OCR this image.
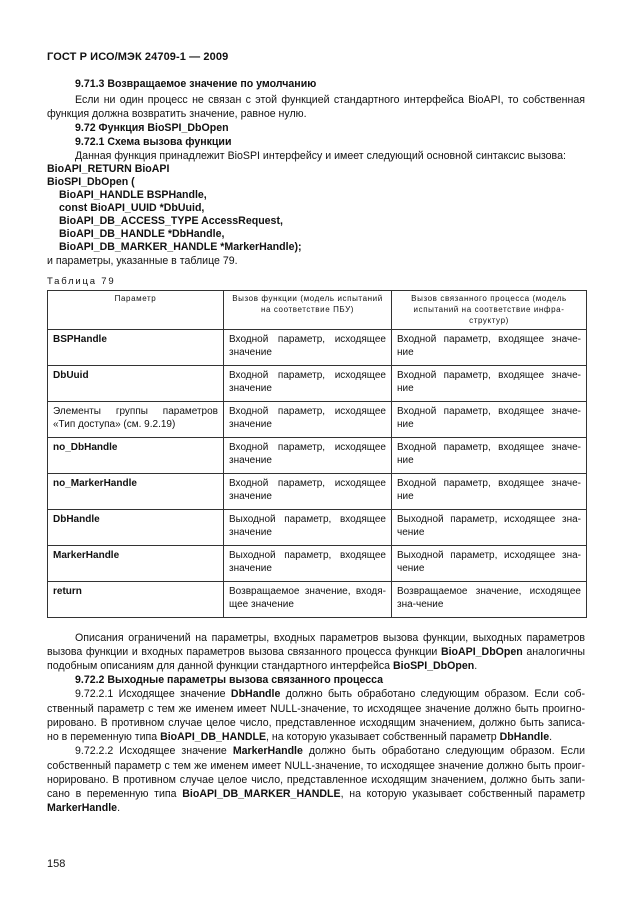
ГОСТ Р ИСО/МЭК 24709-1 — 2009
9.71.3 Возвращаемое значение по умолчанию
Если ни один процесс не связан с этой функцией стандартного интерфейса BioAPI, то собственная
функция должна возвратить значение, равное нулю.
9.72 Функция BioSPI_DbOpen
9.72.1 Схема вызова функции
Данная функция принадлежит BioSPI интерфейсу и имеет следующий основной синтаксис вызова:
BioAPI_RETURN BioAPI
BioSPI_DbOpen (
BioAPI_HANDLE BSPHandle,
const BioAPI_UUID *DbUuid,
BioAPI_DB_ACCESS_TYPE AccessRequest,
BioAPI_DB_HANDLE *DbHandle,
BioAPI_DB_MARKER_HANDLE *MarkerHandle);
и параметры, указанные в таблице 79.
Таблица 79
Параметр	Вызов функции (модель испытаний на соответствие ПБУ)	Вызов связанного процесса (модель испытаний на соответствие инфра-структур)
BSPHandle	Входной параметр, исходящее значение	Входной параметр, входящее значе-ние
DbUuid	Входной параметр, исходящее значение	Входной параметр, входящее значе-ние
Элементы группы параметров «Тип доступа» (см. 9.2.19)	Входной параметр, исходящее значение	Входной параметр, входящее значе-ние
no_DbHandle	Входной параметр, исходящее значение	Входной параметр, входящее значе-ние
no_MarkerHandle	Входной параметр, исходящее значение	Входной параметр, входящее значе-ние
DbHandle	Выходной параметр, входящее значение	Выходной параметр, исходящее зна-чение
MarkerHandle	Выходной параметр, входящее значение	Выходной параметр, исходящее зна-чение
return	Возвращаемое значение, входя-щее значение	Возвращаемое значение, исходящее зна-чение
Описания ограничений на параметры, входных параметров вызова функции, выходных параметров
вызова функции и входных параметров вызова связанного процесса функции BioAPI_DbOpen аналогичны
подобным описаниям для данной функции стандартного интерфейса BioSPI_DbOpen.
9.72.2 Выходные параметры вызова связанного процесса
9.72.2.1 Исходящее значение DbHandle должно быть обработано следующим образом. Если соб-
ственный параметр с тем же именем имеет NULL-значение, то исходящее значение должно быть проигно-
рировано. В противном случае целое число, представленное исходящим значением, должно быть записа-
но в переменную типа BioAPI_DB_HANDLE, на которую указывает собственный параметр DbHandle.
9.72.2.2 Исходящее значение MarkerHandle должно быть обработано следующим образом. Если
собственный параметр с тем же именем имеет NULL-значение, то исходящее значение должно быть проиг-
норировано. В противном случае целое число, представленное исходящим значением, должно быть запи-
сано в переменную типа BioAPI_DB_MARKER_HANDLE, на которую указывает собственный параметр
MarkerHandle.
158
